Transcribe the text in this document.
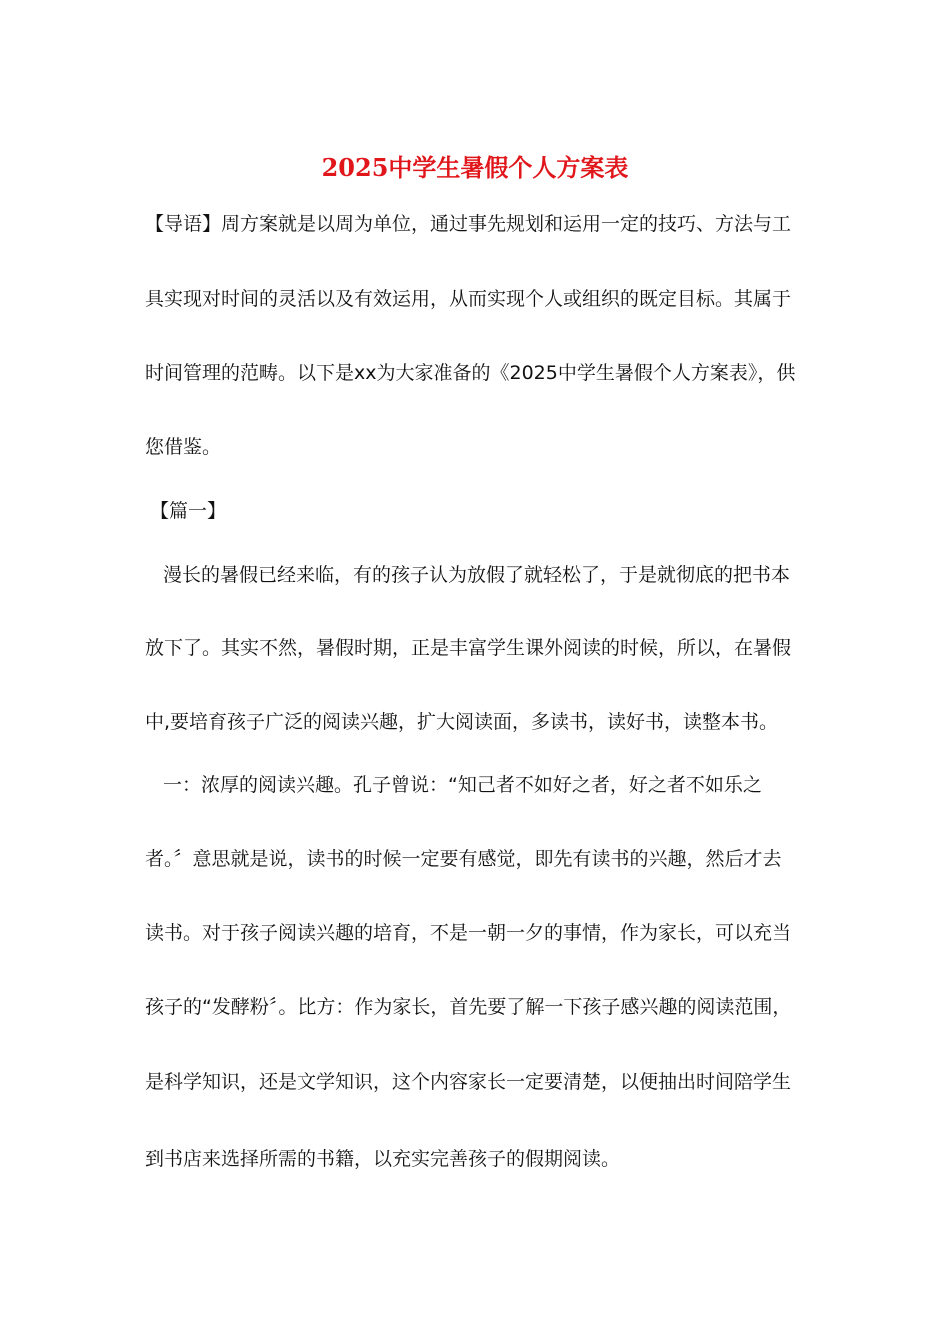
2025中学生暑假个人方案表
【导语】周方案就是以周为单位，通过事先规划和运用一定的技巧、方法与工
具实现对时间的灵活以及有效运用，从而实现个人或组织的既定目标。其属于
时间管理的范畴。以下是xx为大家准备的《2025中学生暑假个人方案表》，供
您借鉴。
【篇一】
漫长的暑假已经来临，有的孩子认为放假了就轻松了，于是就彻底的把书本
放下了。其实不然，暑假时期，正是丰富学生课外阅读的时候，所以，在暑假
中,要培育孩子广泛的阅读兴趣，扩大阅读面，多读书，读好书，读整本书。
一：浓厚的阅读兴趣。孔子曾说：“知己者不如好之者，好之者不如乐之
者。〞意思就是说，读书的时候一定要有感觉，即先有读书的兴趣，然后才去
读书。对于孩子阅读兴趣的培育，不是一朝一夕的事情，作为家长，可以充当
孩子的“发酵粉〞。比方：作为家长，首先要了解一下孩子感兴趣的阅读范围，
是科学知识，还是文学知识，这个内容家长一定要清楚，以便抽出时间陪学生
到书店来选择所需的书籍，以充实完善孩子的假期阅读。
